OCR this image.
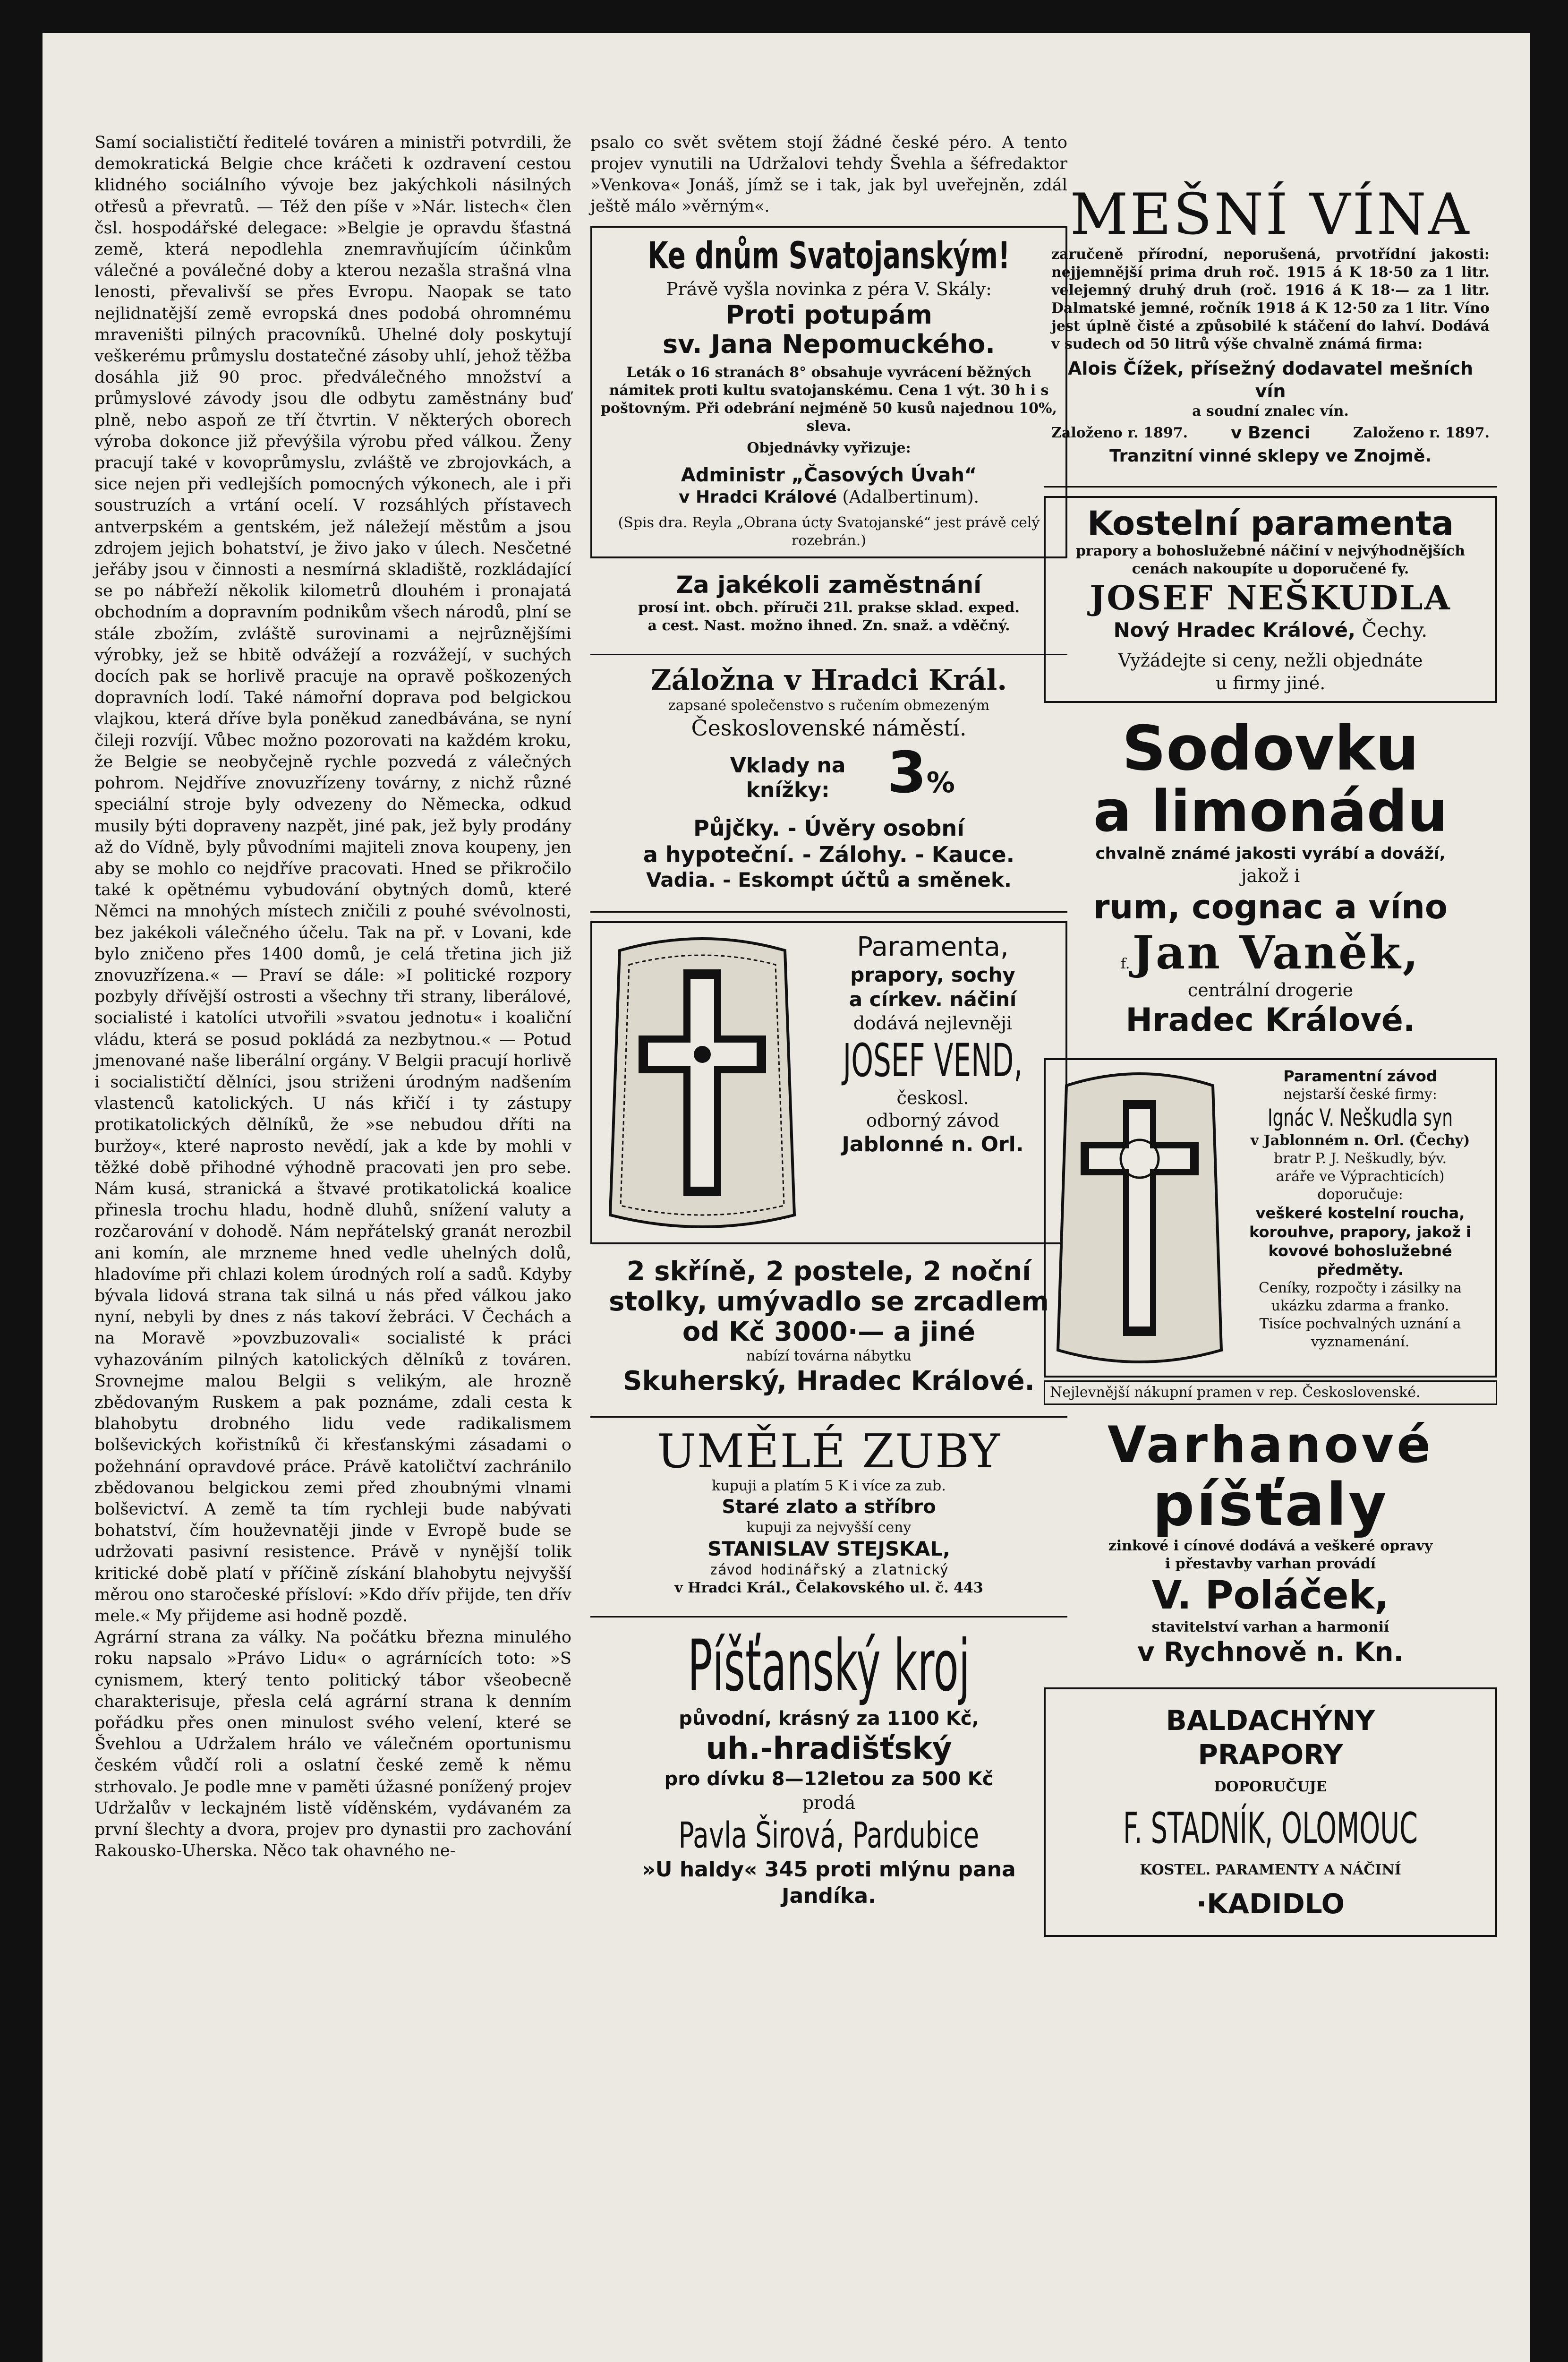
Samí socialističtí ředitelé továren a ministři potvrdili, že demokratická Belgie chce kráčeti k ozdravení cestou klidného sociálního vývoje bez jakýchkoli násilných otřesů a převratů. — Též den píše v »Nár. listech« člen čsl. hospodářské delegace: »Belgie je opravdu šťastná země, která nepodlehla znemravňujícím účinkům válečné a poválečné doby a kterou nezašla strašná vlna lenosti, převalivší se přes Evropu. Naopak se tato nejlidnatější země evropská dnes podobá ohromnému mraveništi pilných pracovníků. Uhelné doly poskytují veškerému průmyslu dostatečné zásoby uhlí, jehož těžba dosáhla již 90 proc. předválečného množství a průmyslové závody jsou dle odbytu zaměstnány buď plně, nebo aspoň ze tří čtvrtin. V některých oborech výroba dokonce již převýšila výrobu před válkou. Ženy pracují také v kovoprůmyslu, zvláště ve zbrojovkách, a sice nejen při vedlejších pomocných výkonech, ale i při soustruzích a vrtání ocelí. V rozsáhlých přístavech antverpském a gentském, jež náležejí městům a jsou zdrojem jejich bohatství, je živo jako v úlech. Nesčetné jeřáby jsou v činnosti a nesmírná skladiště, rozkládající se po nábřeží několik kilometrů dlouhém i pronajatá obchodním a dopravním podnikům všech národů, plní se stále zbožím, zvláště surovinami a nejrůznějšími výrobky, jež se hbitě odvážejí a rozvážejí, v suchých docích pak se horlivě pracuje na opravě poškozených dopravních lodí. Také námořní doprava pod belgickou vlajkou, která dříve byla poněkud zanedbávána, se nyní čileji rozvíjí. Vůbec možno pozorovati na každém kroku, že Belgie se neobyčejně rychle pozvedá z válečných pohrom. Nejdříve znovuzřízeny továrny, z nichž různé speciální stroje byly odvezeny do Německa, odkud musily býti dopraveny nazpět, jiné pak, jež byly prodány až do Vídně, byly původními majiteli znova koupeny, jen aby se mohlo co nejdříve pracovati. Hned se přikročilo také k opětnému vybudování obytných domů, které Němci na mnohých místech zničili z pouhé svévolnosti, bez jakékoli válečného účelu. Tak na př. v Lovani, kde bylo zničeno přes 1400 domů, je celá třetina jich již znovuzřízena.« — Praví se dále: »I politické rozpory pozbyly dřívější ostrosti a všechny tři strany, liberálové, socialisté i katolíci utvořili »svatou jednotu« i koaliční vládu, která se posud pokládá za nezbytnou.« — Potud jmenované naše liberální orgány. V Belgii pracují horlivě i socialističtí dělníci, jsou striženi úrodným nadšením vlastenců katolických. U nás křičí i ty zástupy protikatolických dělníků, že »se nebudou dříti na buržoy«, které naprosto nevědí, jak a kde by mohli v těžké době přihodné výhodně pracovati jen pro sebe. Nám kusá, stranická a štvavé protikatolická koalice přinesla trochu hladu, hodně dluhů, snížení valuty a rozčarování v dohodě. Nám nepřátelský granát nerozbil ani komín, ale mrzneme hned vedle uhelných dolů, hladovíme při chlazi kolem úrodných rolí a sadů. Kdyby bývala lidová strana tak silná u nás před válkou jako nyní, nebyli by dnes z nás takoví žebráci. V Čechách a na Moravě »povzbuzovali« socialisté k práci vyhazováním pilných katolických dělníků z továren. Srovnejme malou Belgii s velikým, ale hrozně zbědovaným Ruskem a pak poznáme, zdali cesta k blahobytu drobného lidu vede radikalismem bolševických kořistníků či křesťanskými zásadami o požehnání opravdové práce. Právě katoličtví zachránilo zbědovanou belgickou zemi před zhoubnými vlnami bolševictví. A země ta tím rychleji bude nabývati bohatství, čím houževnatěji jinde v Evropě bude se udržovati pasivní resistence. Právě v nynější tolik kritické době platí v příčině získání blahobytu nejvyšší měrou ono staročeské přísloví: »Kdo dřív přijde, ten dřív mele.« My přijdeme asi hodně pozdě.

Agrární strana za války. Na počátku března minulého roku napsalo »Právo Lidu« o agrárnících toto: »S cynismem, který tento politický tábor všeobecně charakterisuje, přesla celá agrární strana k denním pořádku přes onen minulost svého velení, které se Švehlou a Udržalem hrálo ve válečném oportunismu českém vůdčí roli a oslatní české země k němu strhovalo. Je podle mne v paměti úžasné ponížený projev Udržalův v leckajném listě víděnském, vydávaném za první šlechty a dvora, projev pro dynastii pro zachování Rakousko-Uherska. Něco tak ohavného ne-

psalo co svět světem stojí žádné české péro. A tento projev vynutili na Udržalovi tehdy Švehla a šéfredaktor »Venkova« Jonáš, jímž se i tak, jak byl uveřejněn, zdál ještě málo »věrným«.

Ke dnům Svatojanským!

Právě vyšla novinka z péra V. Skály:

Proti potupám

sv. Jana Nepomuckého.

Leták o 16 stranách 8° obsahuje vyvrácení běžných námitek proti kultu svatojanskému. Cena 1 výt. 30 h i s poštovným. Při odebrání nejméně 50 kusů najednou 10%, sleva.

Objednávky vyřizuje:

Administr „Časových Úvah“

v Hradci Králové (Adalbertinum).

(Spis dra. Reyla „Obrana úcty Svatojanské“ jest právě celý rozebrán.)

Za jakékoli zaměstnání

prosí int. obch. příruči 21l. prakse sklad. exped.

a cest. Nast. možno ihned. Zn. snaž. a vděčný.

Záložna v Hradci Král.

zapsané společenstvo s ručením obmezeným

Československé náměstí.

Vklady na knížky:	3%

Půjčky. - Úvěry osobní

a hypoteční. - Zálohy. - Kauce.

Vadia. - Eskompt účtů a směnek.

Paramenta,

prapory, sochy

a církev. náčiní

dodává nejlevněji

JOSEF VEND,

českosl.

odborný závod

Jablonné n. Orl.

2 skříně, 2 postele, 2 noční stolky, umývadlo se zrcadlem od Kč 3000·— a jiné

nabízí továrna nábytku

Skuherský, Hradec Králové.

UMĚLÉ ZUBY

kupuji a platím 5 K i více za zub.

Staré zlato a stříbro

kupuji za nejvyšší ceny

STANISLAV STEJSKAL,

závod hodinářský a zlatnický

v Hradci Král., Čelakovského ul. č. 443

Píšťanský kroj

původní, krásný za 1100 Kč,

uh.-hradišťský

pro dívku 8—12letou za 500 Kč

prodá

Pavla Širová, Pardubice

»U haldy« 345 proti mlýnu pana Jandíka.

MEŠNÍ VÍNA

zaručeně přírodní, neporušená, prvotřídní jakosti: nejjemnější prima druh roč. 1915 á K 18·50 za 1 litr. velejemný druhý druh (roč. 1916 á K 18·— za 1 litr. Dalmatské jemné, ročník 1918 á K 12·50 za 1 litr. Víno jest úplně čisté a způsobilé k stáčení do lahví. Dodává v sudech od 50 litrů výše chvalně známá firma:

Alois Čížek, přísežný dodavatel mešních vín

a soudní znalec vín.

Založeno r. 1897.	v Bzenci	Založeno r. 1897.

Tranzitní vinné sklepy ve Znojmě.

Kostelní paramenta

prapory a bohoslužebné náčiní v nejvýhodnějších

cenách nakoupíte u doporučené fy.

JOSEF NEŠKUDLA

Nový Hradec Králové, Čechy.

Vyžádejte si ceny, nežli objednáte

u firmy jiné.

Sodovku

a limonádu

chvalně známé jakosti vyrábí a dováží,

jakož i

rum, cognac a víno

f. Jan Vaněk,

centrální drogerie

Hradec Králové.

Paramentní závod

nejstarší české firmy:

Ignác V. Neškudla syn

v Jablonném n. Orl. (Čechy)

bratr P. J. Neškudly, býv.

aráře ve Výprachticích)

doporučuje:

veškeré kostelní roucha, korouhve, prapory, jakož i kovové bohoslužebné předměty.

Ceníky, rozpočty i zásilky na ukázku zdarma a franko.

Tisíce pochvalných uznání a vyznamenání.

Nejlevnější nákupní pramen v rep. Československé.

Varhanové

píšťaly

zinkové i cínové dodává a veškeré opravy

i přestavby varhan provádí

V. Poláček,

stavitelství varhan a harmonií

v Rychnově n. Kn.

BALDACHÝNY

PRAPORY

DOPORUČUJE

F. STADNÍK, OLOMOUC

KOSTEL. PARAMENTY A NÁČINÍ

·KADIDLO
